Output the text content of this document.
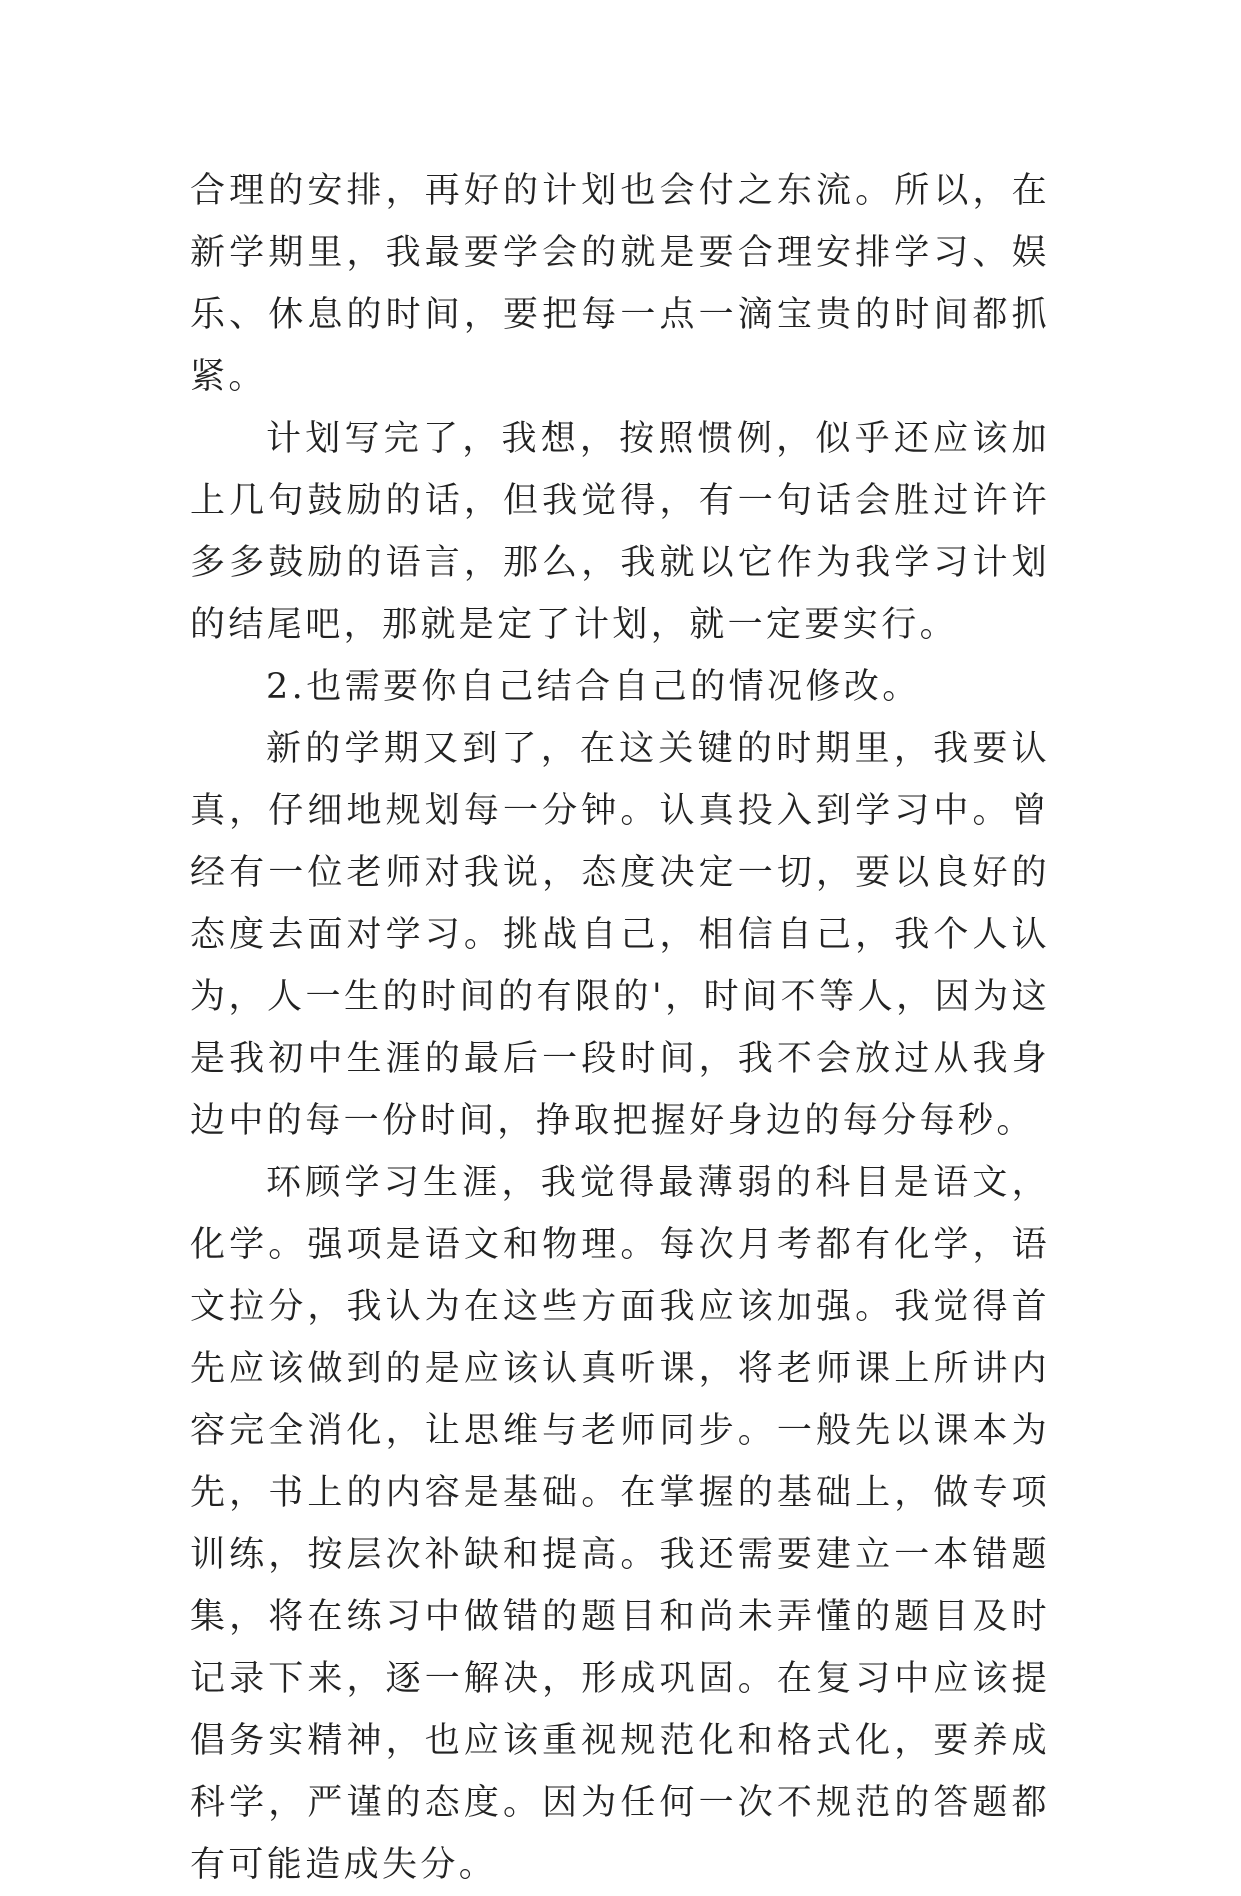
合理的安排，再好的计划也会付之东流。所以，在新学期里，我最要学会的就是要合理安排学习、娱乐、休息的时间，要把每一点一滴宝贵的时间都抓紧。

计划写完了，我想，按照惯例，似乎还应该加上几句鼓励的话，但我觉得，有一句话会胜过许许多多鼓励的语言，那么，我就以它作为我学习计划的结尾吧，那就是定了计划，就一定要实行。

2.也需要你自己结合自己的情况修改。

新的学期又到了，在这关键的时期里，我要认真，仔细地规划每一分钟。认真投入到学习中。曾经有一位老师对我说，态度决定一切，要以良好的态度去面对学习。挑战自己，相信自己，我个人认为，人一生的时间的有限的'，时间不等人，因为这是我初中生涯的最后一段时间，我不会放过从我身边中的每一份时间，挣取把握好身边的每分每秒。

环顾学习生涯，我觉得最薄弱的科目是语文，化学。强项是语文和物理。每次月考都有化学，语文拉分，我认为在这些方面我应该加强。我觉得首先应该做到的是应该认真听课，将老师课上所讲内容完全消化，让思维与老师同步。一般先以课本为先，书上的内容是基础。在掌握的基础上，做专项训练，按层次补缺和提高。我还需要建立一本错题集，将在练习中做错的题目和尚未弄懂的题目及时记录下来，逐一解决，形成巩固。在复习中应该提倡务实精神，也应该重视规范化和格式化，要养成科学，严谨的态度。因为任何一次不规范的答题都有可能造成失分。
